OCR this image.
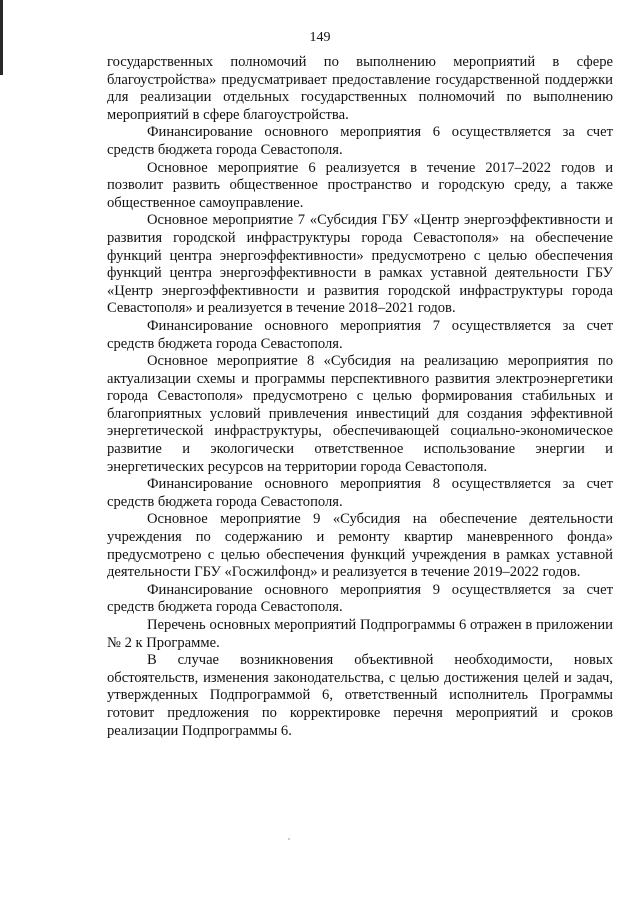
149

государственных полномочий по выполнению мероприятий в сфере благоустройства» предусматривает предоставление государственной поддержки для реализации отдельных государственных полномочий по выполнению мероприятий в сфере благоустройства.

Финансирование основного мероприятия 6 осуществляется за счет средств бюджета города Севастополя.

Основное мероприятие 6 реализуется в течение 2017–2022 годов и позволит развить общественное пространство и городскую среду, а также общественное самоуправление.

Основное мероприятие 7 «Субсидия ГБУ «Центр энергоэффективности и развития городской инфраструктуры города Севастополя» на обеспечение функций центра энергоэффективности» предусмотрено с целью обеспечения функций центра энергоэффективности в рамках уставной деятельности ГБУ «Центр энергоэффективности и развития городской инфраструктуры города Севастополя» и реализуется в течение 2018–2021 годов.

Финансирование основного мероприятия 7 осуществляется за счет средств бюджета города Севастополя.

Основное мероприятие 8 «Субсидия на реализацию мероприятия по актуализации схемы и программы перспективного развития электроэнергетики города Севастополя» предусмотрено с целью формирования стабильных и благоприятных условий привлечения инвестиций для создания эффективной энергетической инфраструктуры, обеспечивающей социально-экономическое развитие и экологически ответственное использование энергии и энергетических ресурсов на территории города Севастополя.

Финансирование основного мероприятия 8 осуществляется за счет средств бюджета города Севастополя.

Основное мероприятие 9 «Субсидия на обеспечение деятельности учреждения по содержанию и ремонту квартир маневренного фонда» предусмотрено с целью обеспечения функций учреждения в рамках уставной деятельности ГБУ «Госжилфонд» и реализуется в течение 2019–2022 годов.

Финансирование основного мероприятия 9 осуществляется за счет средств бюджета города Севастополя.

Перечень основных мероприятий Подпрограммы 6 отражен в приложении № 2 к Программе.

В случае возникновения объективной необходимости, новых обстоятельств, изменения законодательства, с целью достижения целей и задач, утвержденных Подпрограммой 6, ответственный исполнитель Программы готовит предложения по корректировке перечня мероприятий и сроков реализации Подпрограммы 6.
